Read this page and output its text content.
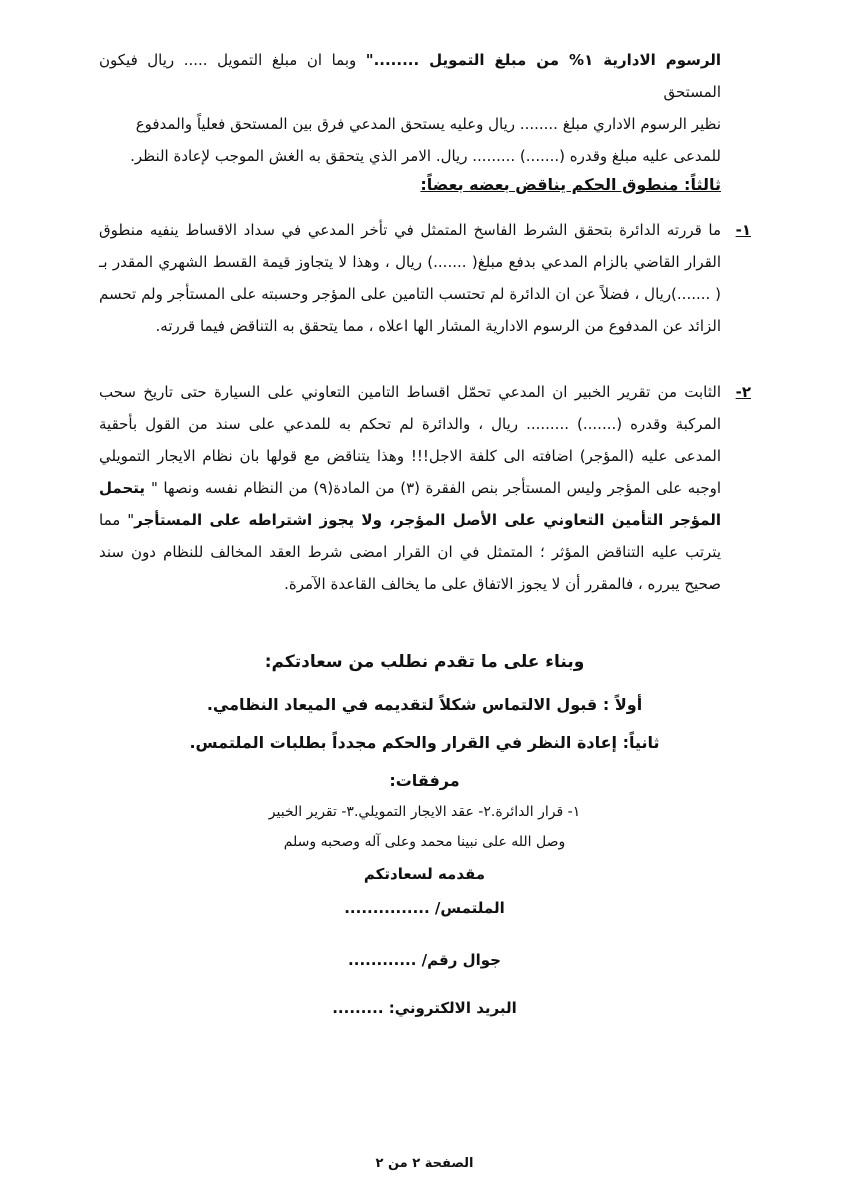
الرسوم الادارية ١% من مبلغ التمويل ........" وبما ان مبلغ التمويل ..... ريال فيكون المستحق

نظير الرسوم الاداري مبلغ ........ ريال وعليه يستحق المدعي فرق بين المستحق فعلياً والمدفوع

للمدعى عليه مبلغ وقدره (.......) ......... ريال. الامر الذي يتحقق به الغش الموجب لإعادة النظر.

ثالثاً: منطوق الحكم يناقض بعضه بعضاً:
١-

ما قررته الدائرة بتحقق الشرط الفاسخ المتمثل في تأخر المدعي في سداد الاقساط ينفيه منطوق القرار القاضي بالزام المدعي بدفع مبلغ( .......) ريال ، وهذا لا يتجاوز قيمة القسط الشهري المقدر بـ ( .......)ريال ، فضلاً عن ان الدائرة لم تحتسب التامين على المؤجر وحسبته على المستأجر ولم تحسم الزائد عن المدفوع من الرسوم الادارية المشار الها اعلاه ، مما يتحقق به التناقض فيما قررته.

٢-

الثابت من تقرير الخبير ان المدعي تحمّل اقساط التامين التعاوني على السيارة حتى تاريخ سحب المركبة وقدره (.......) ......... ريال ، والدائرة لم تحكم به للمدعي على سند من القول بأحقية المدعى عليه (المؤجر) اضافته الى كلفة الاجل!!! وهذا يتناقض مع قولها بان نظام الايجار التمويلي اوجبه على المؤجر وليس المستأجر بنص الفقرة (٣) من المادة(٩) من النظام نفسه ونصها " يتحمل المؤجر التأمين التعاوني على الأصل المؤجر، ولا يجوز اشتراطه على المستأجر" مما يترتب عليه التناقض المؤثر ؛ المتمثل في ان القرار امضى شرط العقد المخالف للنظام دون سند صحيح يبرره ، فالمقرر أن لا يجوز الاتفاق على ما يخالف القاعدة الآمرة.

وبناء على ما تقدم نطلب من سعادتكم:
أولاً : قبول الالتماس شكلاً لتقديمه في الميعاد النظامي.
ثانياً: إعادة النظر في القرار والحكم مجدداً بطلبات الملتمس.
مرفقات:
١- قرار الدائرة.٢- عقد الايجار التمويلي.٣- تقرير الخبير
وصل الله على نبينا محمد وعلى آله وصحبه وسلم
مقدمه لسعادتكم
الملتمس/ ...............
جوال رقم/ ............
البريد الالكتروني: .........
الصفحة ٢ من ٢
